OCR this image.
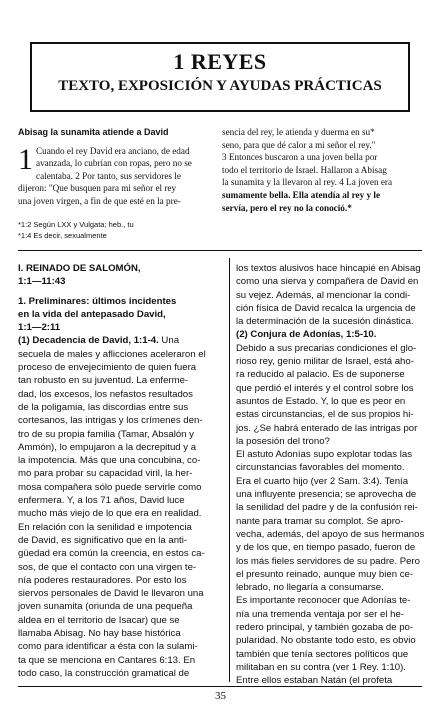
1 REYES
TEXTO, EXPOSICIÓN Y AYUDAS PRÁCTICAS

Abisag la sunamita atiende a David

1 Cuando el rey David era anciano, de edad

avanzada, lo cubrían con ropas, pero no se

calentaba. 2 Por tanto, sus servidores le

dijeron: "Que busquen para mi señor el rey

una joven virgen, a fin de que esté en la pre-

sencia del rey, le atienda y duerma en su*

seno, para que dé calor a mi señor el rey."

3 Entonces buscaron a una joven bella por

todo el territorio de Israel. Hallaron a Abisag

la sunamita y la llevaron al rey. 4 La joven era

sumamente bella. Ella atendía al rey y le

servía, pero el rey no la conoció.*

*1:2 Según LXX y Vulgata; heb., tu
*1:4 Es decir, sexualmente

I. REINADO DE SALOMÓN,

1:1—11:43

1. Preliminares: últimos incidentes

en la vida del antepasado David,

1:1—2:11

(1) Decadencia de David, 1:1-4. Una

secuela de males y aflicciones aceleraron el

proceso de envejecimiento de quien fuera

tan robusto en su juventud. La enferme-

dad, los excesos, los nefastos resultados

de la poligamia, las discordias entre sus

cortesanos, las intrigas y los crímenes den-

tro de su propia familia (Tamar, Absalón y

Ammón), lo empujaron a la decrepitud y a

la impotencia. Más que una concubina, co-

mo para probar su capacidad viril, la her-

mosa compañera sólo puede servirle como

enfermera. Y, a los 71 años, David luce

mucho más viejo de lo que era en realidad.

En relación con la senilidad e impotencia

de David, es significativo que en la anti-

güedad era común la creencia, en estos ca-

sos, de que el contacto con una virgen te-

nía poderes restauradores. Por esto los

siervos personales de David le llevaron una

joven sunamita (oriunda de una pequeña

aldea en el territorio de Isacar) que se

llamaba Abisag. No hay base histórica

como para identificar a ésta con la sulami-

ta que se menciona en Cantares 6:13. En

todo caso, la construcción gramatical de

los textos alusivos hace hincapié en Abisag

como una sierva y compañera de David en

su vejez. Además, al mencionar la condi-

ción física de David recalca la urgencia de

la determinación de la sucesión dinástica.

(2) Conjura de Adonías, 1:5-10.

Debido a sus precarias condiciones el glo-

rioso rey, genio militar de Israel, está aho-

ra reducido al palacio. Es de suponerse

que perdió el interés y el control sobre los

asuntos de Estado. Y, lo que es peor en

estas circunstancias, el de sus propios hi-

jos. ¿Se habrá enterado de las intrigas por

la posesión del trono?

El astuto Adonías supo explotar todas las

circunstancias favorables del momento.

Era el cuarto hijo (ver 2 Sam. 3:4). Tenía

una influyente presencia; se aprovecha de

la senilidad del padre y de la confusión rei-

nante para tramar su complot. Se apro-

vecha, además, del apoyo de sus hermanos

y de los que, en tiempo pasado, fueron de

los más fieles servidores de su padre. Pero

el presunto reinado, aunque muy bien ce-

lebrado, no llegaría a consumarse.

Es importante reconocer que Adonías te-

nía una tremenda ventaja por ser el he-

redero principal, y también gozaba de po-

pularidad. No obstante todo esto, es obvio

también que tenía sectores políticos que

militaban en su contra (ver 1 Rey. 1:10).

Entre ellos estaban Natán (el profeta

35
